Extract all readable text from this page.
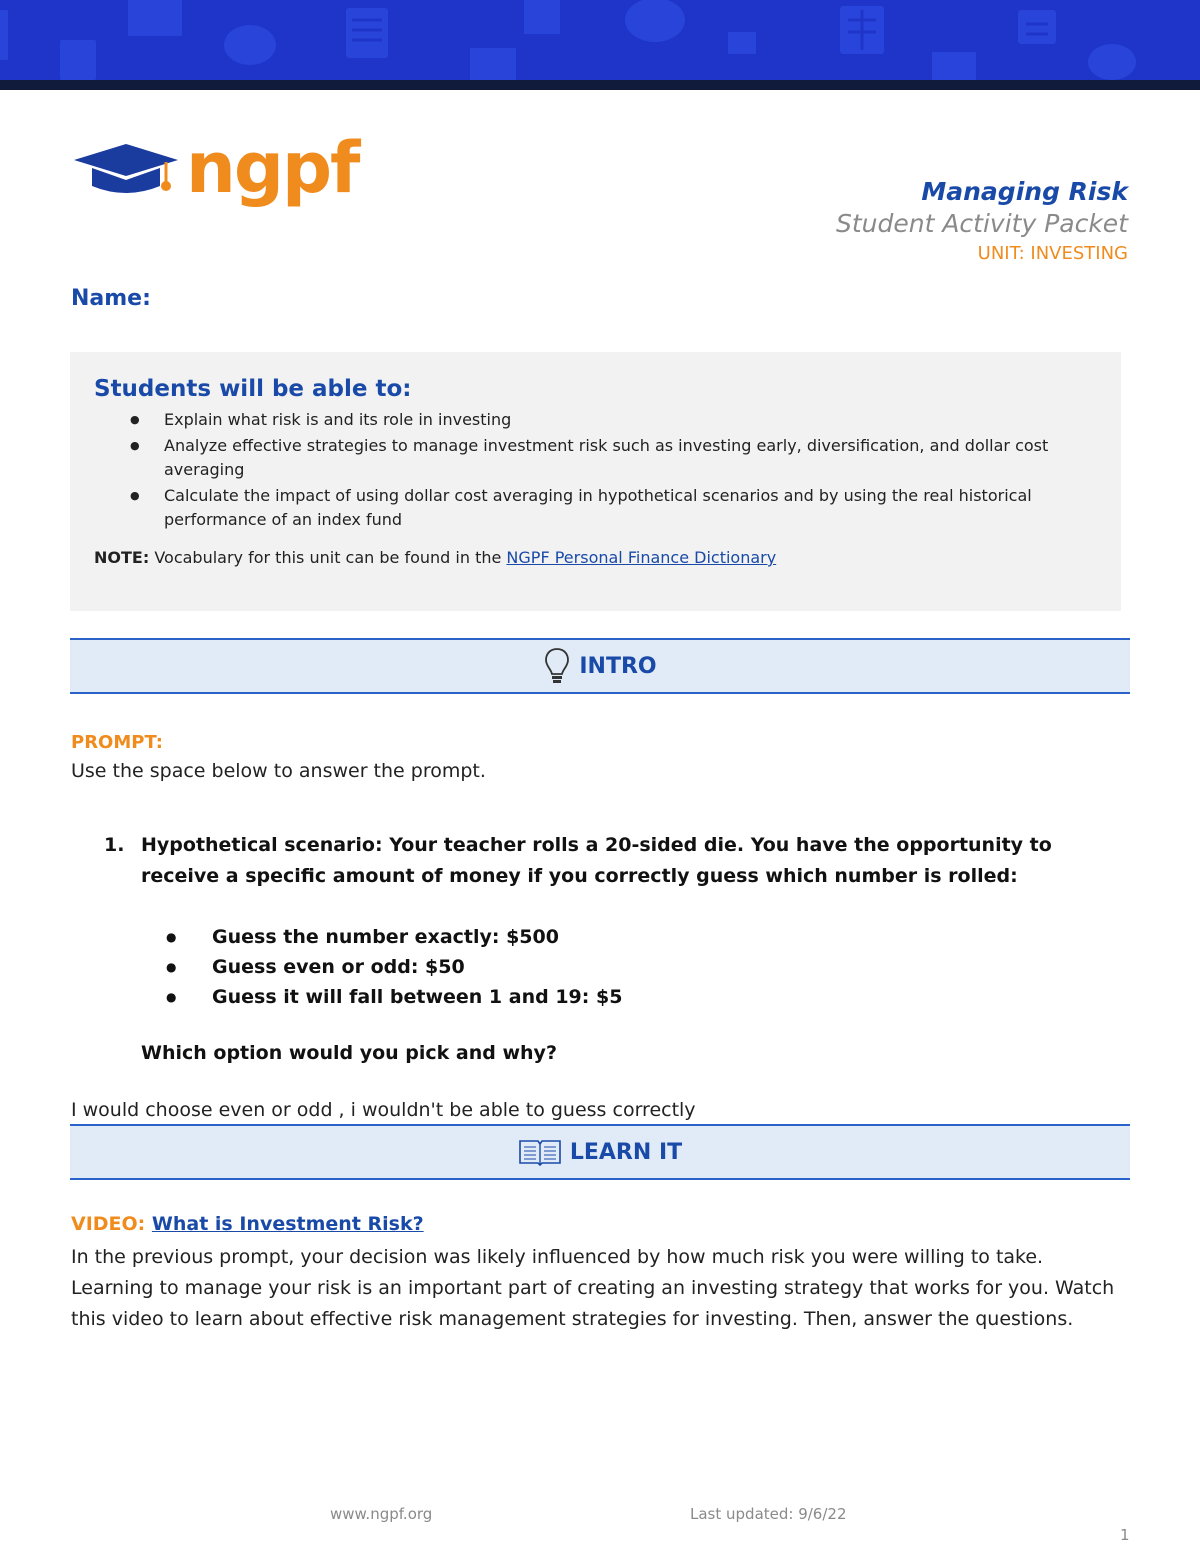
ngpf	Managing Risk
Student Activity Packet
UNIT: INVESTING
Name:
Students will be able to:
● Explain what risk is and its role in investing
● Analyze effective strategies to manage investment risk such as investing early, diversification, and dollar cost averaging
● Calculate the impact of using dollar cost averaging in hypothetical scenarios and by using the real historical performance of an index fund
NOTE: Vocabulary for this unit can be found in the NGPF Personal Finance Dictionary
INTRO
PROMPT:
Use the space below to answer the prompt.
1. Hypothetical scenario: Your teacher rolls a 20-sided die. You have the opportunity to receive a specific amount of money if you correctly guess which number is rolled:
● Guess the number exactly: $500
● Guess even or odd: $50
● Guess it will fall between 1 and 19: $5
Which option would you pick and why?
I would choose even or odd , i wouldn't be able to guess correctly
LEARN IT
VIDEO: What is Investment Risk?
In the previous prompt, your decision was likely influenced by how much risk you were willing to take. Learning to manage your risk is an important part of creating an investing strategy that works for you. Watch this video to learn about effective risk management strategies for investing. Then, answer the questions.
www.ngpf.org	Last updated: 9/6/22
1
